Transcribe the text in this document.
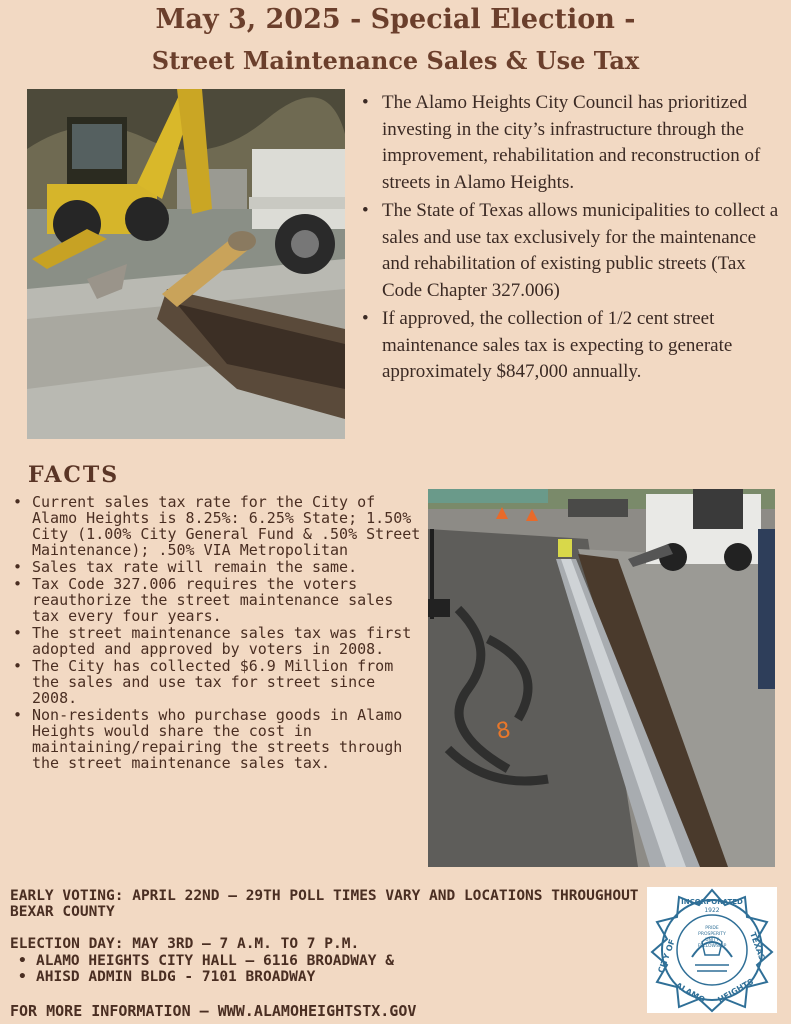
May 3, 2025 - Special Election -
Street Maintenance Sales & Use Tax
• The Alamo Heights City Council has prioritized investing in the city’s infrastructure through the improvement, rehabilitation and reconstruction of streets in Alamo Heights.
• The State of Texas allows municipalities to collect a sales and use tax exclusively for the maintenance and rehabilitation of existing public streets (Tax Code Chapter 327.006)
• If approved, the collection of 1/2 cent street maintenance sales tax is expecting to generate approximately $847,000 annually.
FACTS
• Current sales tax rate for the City of Alamo Heights is 8.25%: 6.25% State; 1.50% City (1.00% City General Fund & .50% Street Maintenance); .50% VIA Metropolitan
• Sales tax rate will remain the same.
• Tax Code 327.006 requires the voters reauthorize the street maintenance sales tax every four years.
• The street maintenance sales tax was first adopted and approved by voters in 2008.
• The City has collected $6.9 Million from the sales and use tax for street since 2008.
• Non-residents who purchase goods in Alamo Heights would share the cost in maintaining/repairing the streets through the street maintenance sales tax.
8
EARLY VOTING: APRIL 22ND – 29TH POLL TIMES VARY AND LOCATIONS THROUGHOUT BEXAR COUNTY
ELECTION DAY: MAY 3RD – 7 A.M. TO 7 P.M.
• ALAMO HEIGHTS CITY HALL – 6116 BROADWAY &
• AHISD ADMIN BLDG - 7101 BROADWAY
FOR MORE INFORMATION – WWW.ALAMOHEIGHTSTX.GOV
INCORPORATED
1922
PRIDE
PROSPERITY
UNITY
FELLOWSHIP
CITY OF	TEXAS
ALAMO HEIGHTS
